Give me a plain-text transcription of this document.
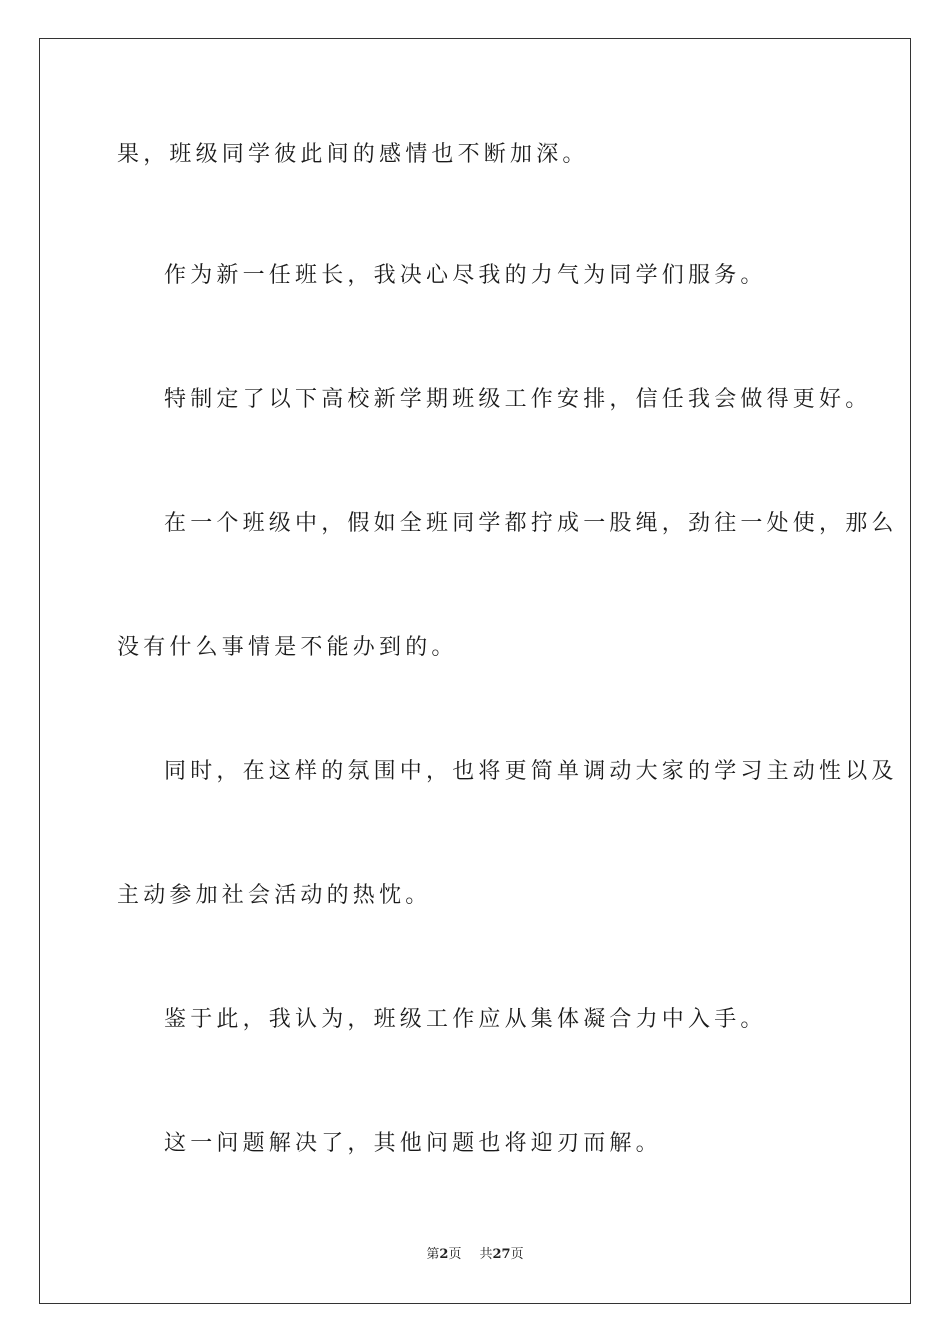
果，班级同学彼此间的感情也不断加深。

作为新一任班长，我决心尽我的力气为同学们服务。

特制定了以下高校新学期班级工作安排，信任我会做得更好。

在一个班级中，假如全班同学都拧成一股绳，劲往一处使，那么

没有什么事情是不能办到的。

同时，在这样的氛围中，也将更简单调动大家的学习主动性以及

主动参加社会活动的热忱。

鉴于此，我认为，班级工作应从集体凝合力中入手。

这一问题解决了，其他问题也将迎刃而解。

第2页 共27页
